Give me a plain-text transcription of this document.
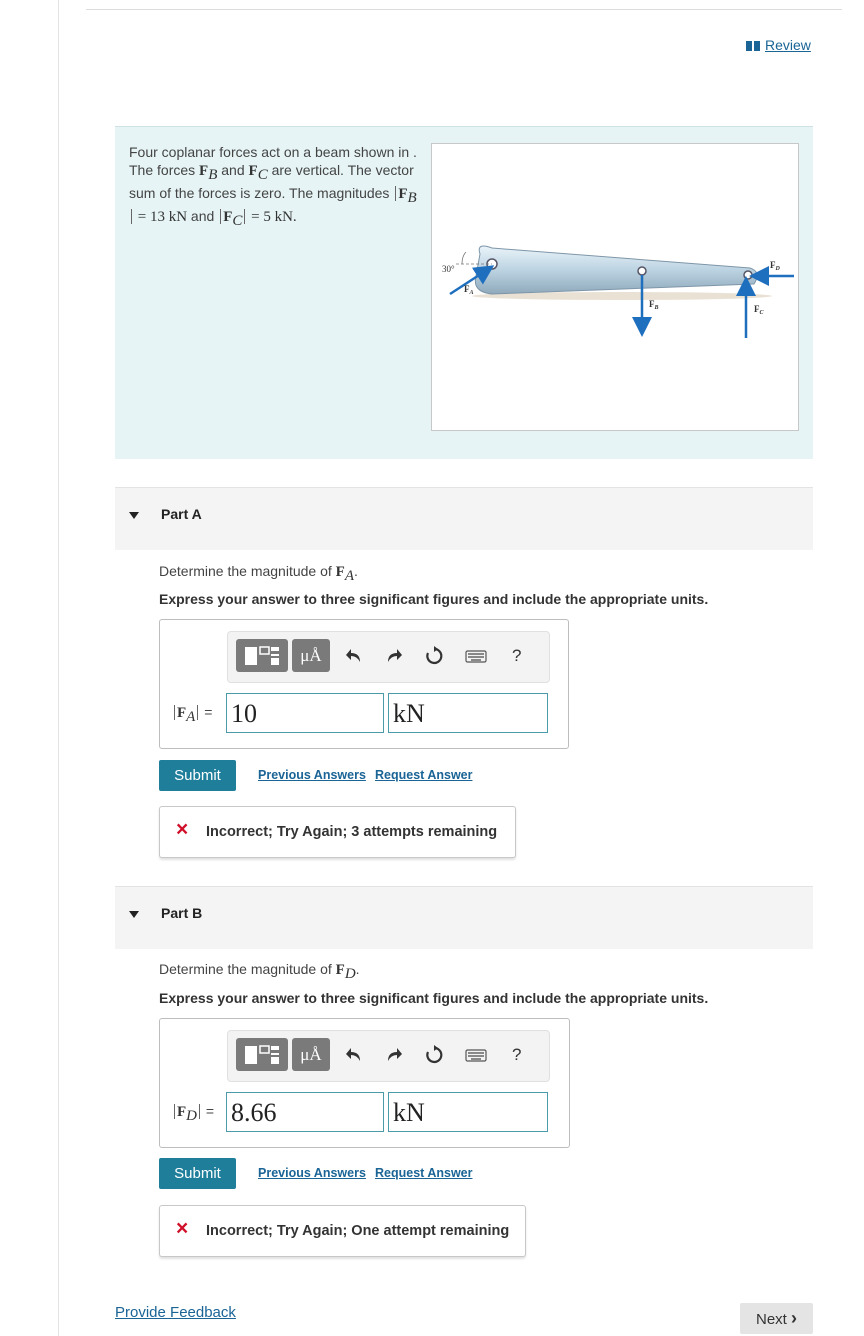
Review
Four coplanar forces act on a beam shown in . The forces $F_B$ and $F_C$ are vertical. The vector sum of the forces is zero. The magnitudes $F_B = 13$ kN and $F_C = 5$ kN.
30°
$F_A$
$F_B$	$F_C$
$F_D$
Part A
Determine the magnitude of $F_A$.
Express your answer to three significant figures and include the appropriate units.
μÅ	?
$F_A = 10$	kN
Submit	Previous Answers Request Answer
× Incorrect; Try Again; 3 attempts remaining
Part B
Determine the magnitude of $F_D$.
Express your answer to three significant figures and include the appropriate units.
μÅ	?
$F_D = 8.66$	kN
Submit	Previous Answers Request Answer
× Incorrect; Try Again; One attempt remaining
Provide Feedback	Next ›
